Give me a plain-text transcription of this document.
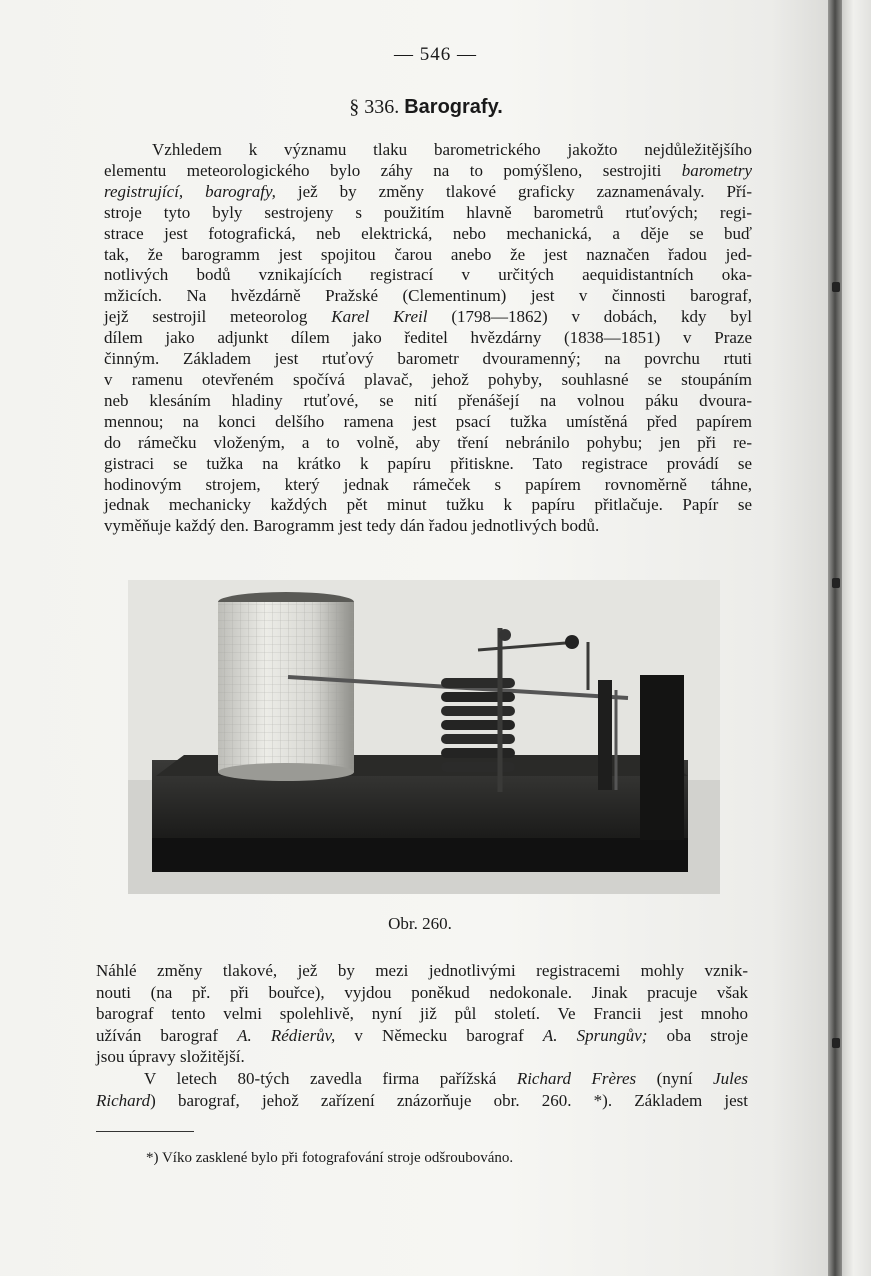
— 546 —
§ 336. Barografy.
Vzhledem k významu tlaku barometrického jakožto nejdůležitějšího
elementu meteorologického bylo záhy na to pomýšleno, sestrojiti barometry
registrující, barografy, jež by změny tlakové graficky zaznamenávaly. Pří-
stroje tyto byly sestrojeny s použitím hlavně barometrů rtuťových; regi-
strace jest fotografická, neb elektrická, nebo mechanická, a děje se buď
tak, že barogramm jest spojitou čarou anebo že jest naznačen řadou jed-
notlivých bodů vznikajících registrací v určitých aequidistantních oka-
mžicích. Na hvězdárně Pražské (Clementinum) jest v činnosti barograf,
jejž sestrojil meteorolog Karel Kreil (1798—1862) v dobách, kdy byl
dílem jako adjunkt dílem jako ředitel hvězdárny (1838—1851) v Praze
činným. Základem jest rtuťový barometr dvouramenný; na povrchu rtuti
v ramenu otevřeném spočívá plavač, jehož pohyby, souhlasné se stoupáním
neb klesáním hladiny rtuťové, se nití přenášejí na volnou páku dvoura-
mennou; na konci delšího ramena jest psací tužka umístěná před papírem
do rámečku vloženým, a to volně, aby tření nebránilo pohybu; jen při re-
gistraci se tužka na krátko k papíru přitiskne. Tato registrace provádí se
hodinovým strojem, který jednak rámeček s papírem rovnoměrně táhne,
jednak mechanicky každých pět minut tužku k papíru přitlačuje. Papír se
vyměňuje každý den. Barogramm jest tedy dán řadou jednotlivých bodů.
Obr. 260.
Náhlé změny tlakové, jež by mezi jednotlivými registracemi mohly vznik-
nouti (na př. při bouřce), vyjdou poněkud nedokonale. Jinak pracuje však
barograf tento velmi spolehlivě, nyní již půl století. Ve Francii jest mnoho
užíván barograf A. Rédierův, v Německu barograf A. Sprungův; oba stroje
jsou úpravy složitější.
V letech 80-tých zavedla firma pařížská Richard Frères (nyní Jules
Richard) barograf, jehož zařízení znázorňuje obr. 260. *). Základem jest
*) Víko zasklené bylo při fotografování stroje odšroubováno.
